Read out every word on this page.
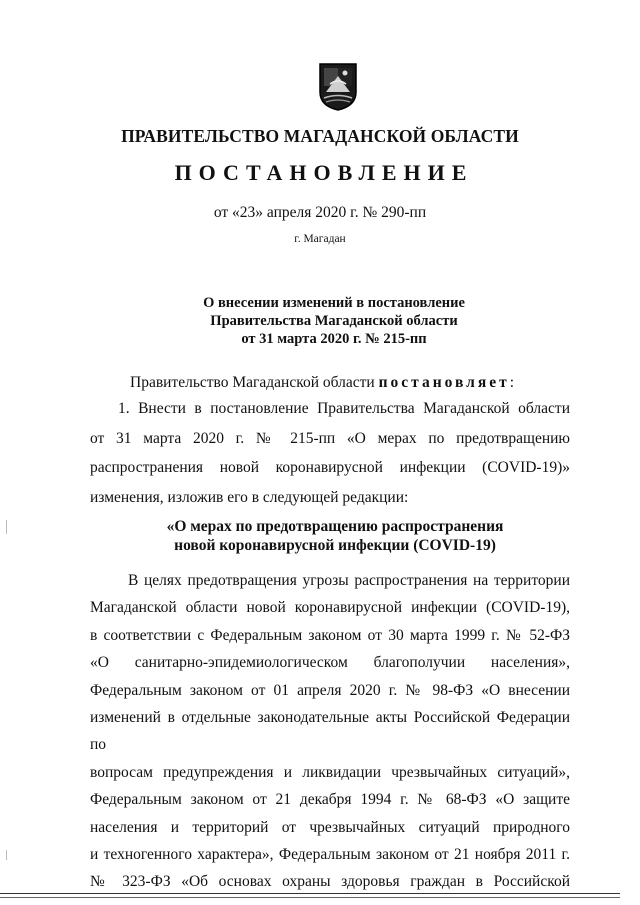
ПРАВИТЕЛЬСТВО МАГАДАНСКОЙ ОБЛАСТИ
ПОСТАНОВЛЕНИЕ
от «23» апреля 2020 г. № 290-пп
г. Магадан
О внесении изменений в постановление
Правительства Магаданской области
от 31 марта 2020 г. № 215-пп
Правительство Магаданской области постановляет:
1. Внести в постановление Правительства Магаданской области
от 31 марта 2020 г. № 215-пп «О мерах по предотвращению
распространения новой коронавирусной инфекции (COVID-19)»
изменения, изложив его в следующей редакции:
«О мерах по предотвращению распространения
новой коронавирусной инфекции (COVID-19)
В целях предотвращения угрозы распространения на территории
Магаданской области новой коронавирусной инфекции (COVID-19),
в соответствии с Федеральным законом от 30 марта 1999 г. № 52-ФЗ
«О санитарно-эпидемиологическом благополучии населения»,
Федеральным законом от 01 апреля 2020 г. № 98-ФЗ «О внесении
изменений в отдельные законодательные акты Российской Федерации по
вопросам предупреждения и ликвидации чрезвычайных ситуаций»,
Федеральным законом от 21 декабря 1994 г. № 68-ФЗ «О защите
населения и территорий от чрезвычайных ситуаций природного
и техногенного характера», Федеральным законом от 21 ноября 2011 г.
№ 323-ФЗ «Об основах охраны здоровья граждан в Российской
